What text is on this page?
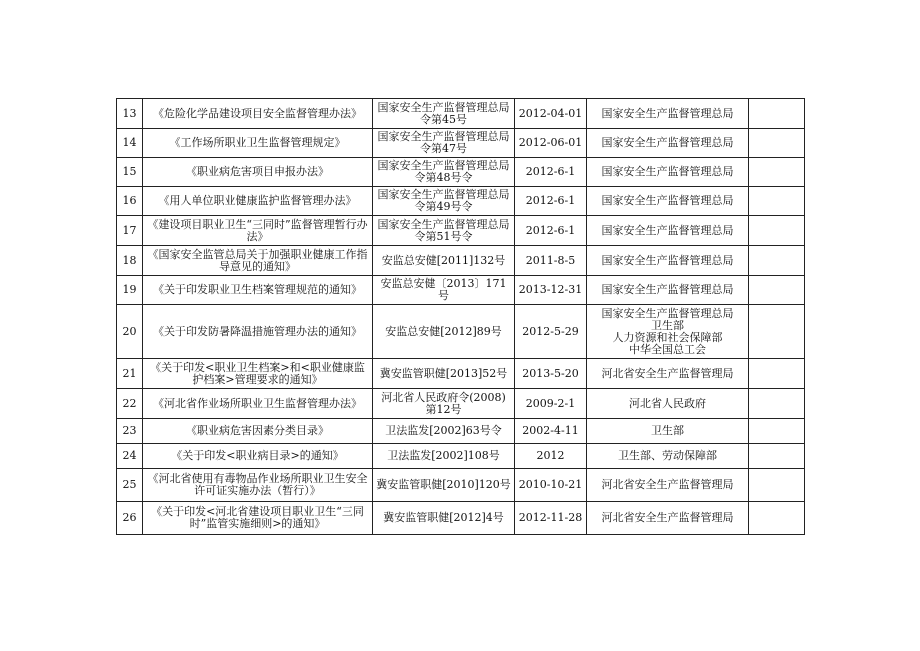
13	《危险化学品建设项目安全监督管理办法》	国家安全生产监督管理总局令第45号	2012-04-01	国家安全生产监督管理总局	

14	《工作场所职业卫生监督管理规定》	国家安全生产监督管理总局令第47号	2012-06-01	国家安全生产监督管理总局	

15	《职业病危害项目申报办法》	国家安全生产监督管理总局令第48号令	2012-6-1	国家安全生产监督管理总局	

16	《用人单位职业健康监护监督管理办法》	国家安全生产监督管理总局令第49号令	2012-6-1	国家安全生产监督管理总局	

17	《建设项目职业卫生“三同时”监督管理暂行办法》	国家安全生产监督管理总局令第51号令	2012-6-1	国家安全生产监督管理总局	

18	《国家安全监管总局关于加强职业健康工作指导意见的通知》	安监总安健[2011]132号	2011-8-5	国家安全生产监督管理总局	

19	《关于印发职业卫生档案管理规范的通知》	安监总安健〔2013〕171号	2013-12-31	国家安全生产监督管理总局	

20	《关于印发防暑降温措施管理办法的通知》	安监总安健[2012]89号	2012-5-29	国家安全生产监督管理总局
卫生部
人力资源和社会保障部
中华全国总工会	

21	《关于印发<职业卫生档案>和<职业健康监护档案>管理要求的通知》	冀安监管职健[2013]52号	2013-5-20	河北省安全生产监督管理局	

22	《河北省作业场所职业卫生监督管理办法》	河北省人民政府令(2008)第12号	2009-2-1	河北省人民政府	

23	《职业病危害因素分类目录》	卫法监发[2002]63号令	2002-4-11	卫生部	

24	《关于印发<职业病目录>的通知》	卫法监发[2002]108号	2012	卫生部、劳动保障部	

25	《河北省使用有毒物品作业场所职业卫生安全许可证实施办法（暂行）》	冀安监管职健[2010]120号	2010-10-21	河北省安全生产监督管理局	

26	《关于印发<河北省建设项目职业卫生“三同时”监管实施细则>的通知》	冀安监管职健[2012]4号	2012-11-28	河北省安全生产监督管理局	
